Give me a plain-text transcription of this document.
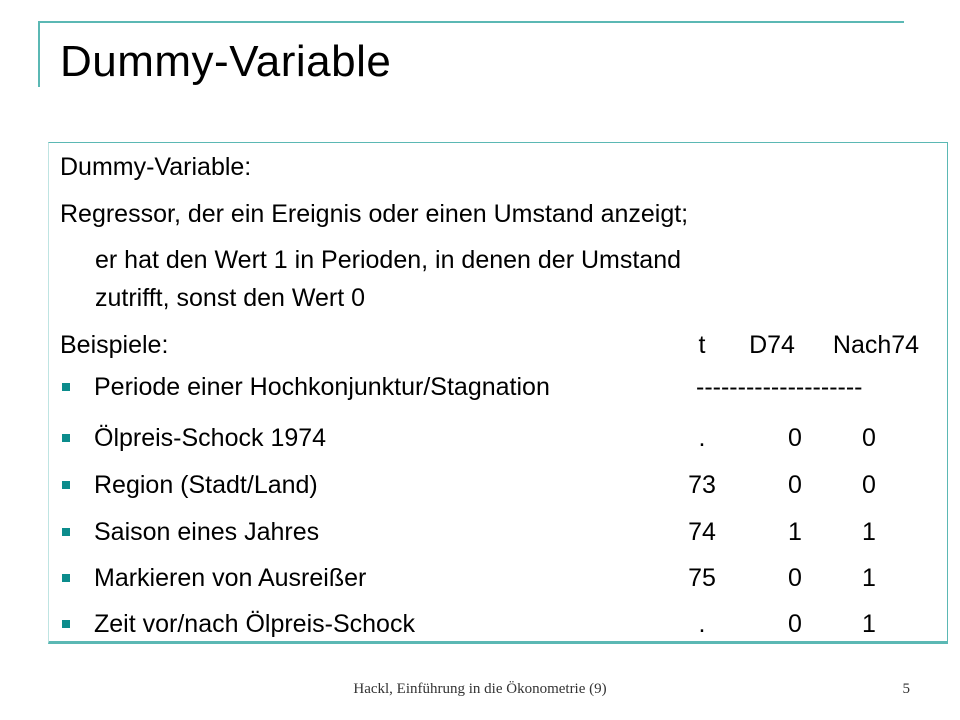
Dummy-Variable
Dummy-Variable:
Regressor, der ein Ereignis oder einen Umstand anzeigt;
er hat den Wert 1 in Perioden, in denen der Umstand
zutrifft, sonst den Wert 0
Beispiele:	t	D74	Nach74
Periode einer Hochkonjunktur/Stagnation	--------------------
Ölpreis-Schock 1974	.	0	0
Region (Stadt/Land)	73	0	0
Saison eines Jahres	74	1	1
Markieren von Ausreißer	75	0	1
Zeit vor/nach Ölpreis-Schock	.	0	1
Hackl, Einführung in die Ökonometrie (9)	5
